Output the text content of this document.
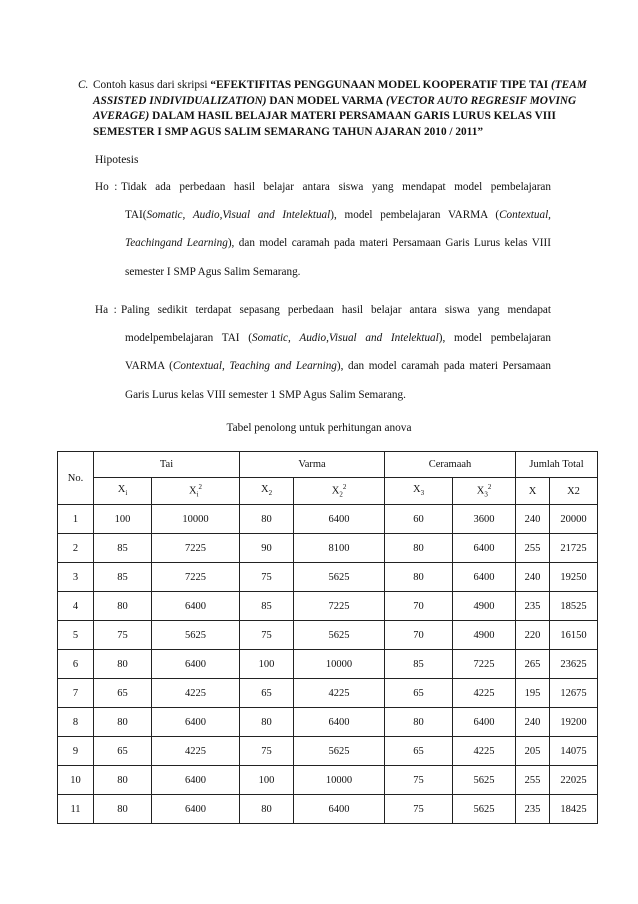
C. Contoh kasus dari skripsi “EFEKTIFITAS PENGGUNAAN MODEL KOOPERATIF TIPE TAI (TEAM ASSISTED INDIVIDUALIZATION) DAN MODEL VARMA (VECTOR AUTO REGRESIF MOVING AVERAGE) DALAM HASIL BELAJAR MATERI PERSAMAAN GARIS LURUS KELAS VIII SEMESTER I SMP AGUS SALIM SEMARANG TAHUN AJARAN 2010 / 2011”
Hipotesis
Ho  : Tidak ada perbedaan hasil belajar antara siswa yang mendapat model pembelajaran
TAI(Somatic, Audio,Visual and Intelektual), model pembelajaran VARMA (Contextual, Teachingand Learning), dan model caramah pada materi Persamaan Garis Lurus kelas VIII semester I SMP Agus Salim Semarang.
Ha  : Paling sedikit terdapat sepasang perbedaan hasil belajar antara siswa yang mendapat
modelpembelajaran TAI (Somatic, Audio,Visual and Intelektual), model pembelajaran VARMA (Contextual, Teaching and Learning), dan model caramah pada materi Persamaan Garis Lurus kelas VIII semester 1 SMP Agus Salim Semarang.
Tabel penolong untuk perhitungan anova
No.	Tai		Varma		Ceramaah		Jumlah Total	
	$X_i$	$X_i^2$	$X_2$	$X_2^2$	$X_3$	$X_3^2$	X	X2
1	100	10000	80	6400	60	3600	240	20000
2	85	7225	90	8100	80	6400	255	21725
3	85	7225	75	5625	80	6400	240	19250
4	80	6400	85	7225	70	4900	235	18525
5	75	5625	75	5625	70	4900	220	16150
6	80	6400	100	10000	85	7225	265	23625
7	65	4225	65	4225	65	4225	195	12675
8	80	6400	80	6400	80	6400	240	19200
9	65	4225	75	5625	65	4225	205	14075
10	80	6400	100	10000	75	5625	255	22025
11	80	6400	80	6400	75	5625	235	18425
